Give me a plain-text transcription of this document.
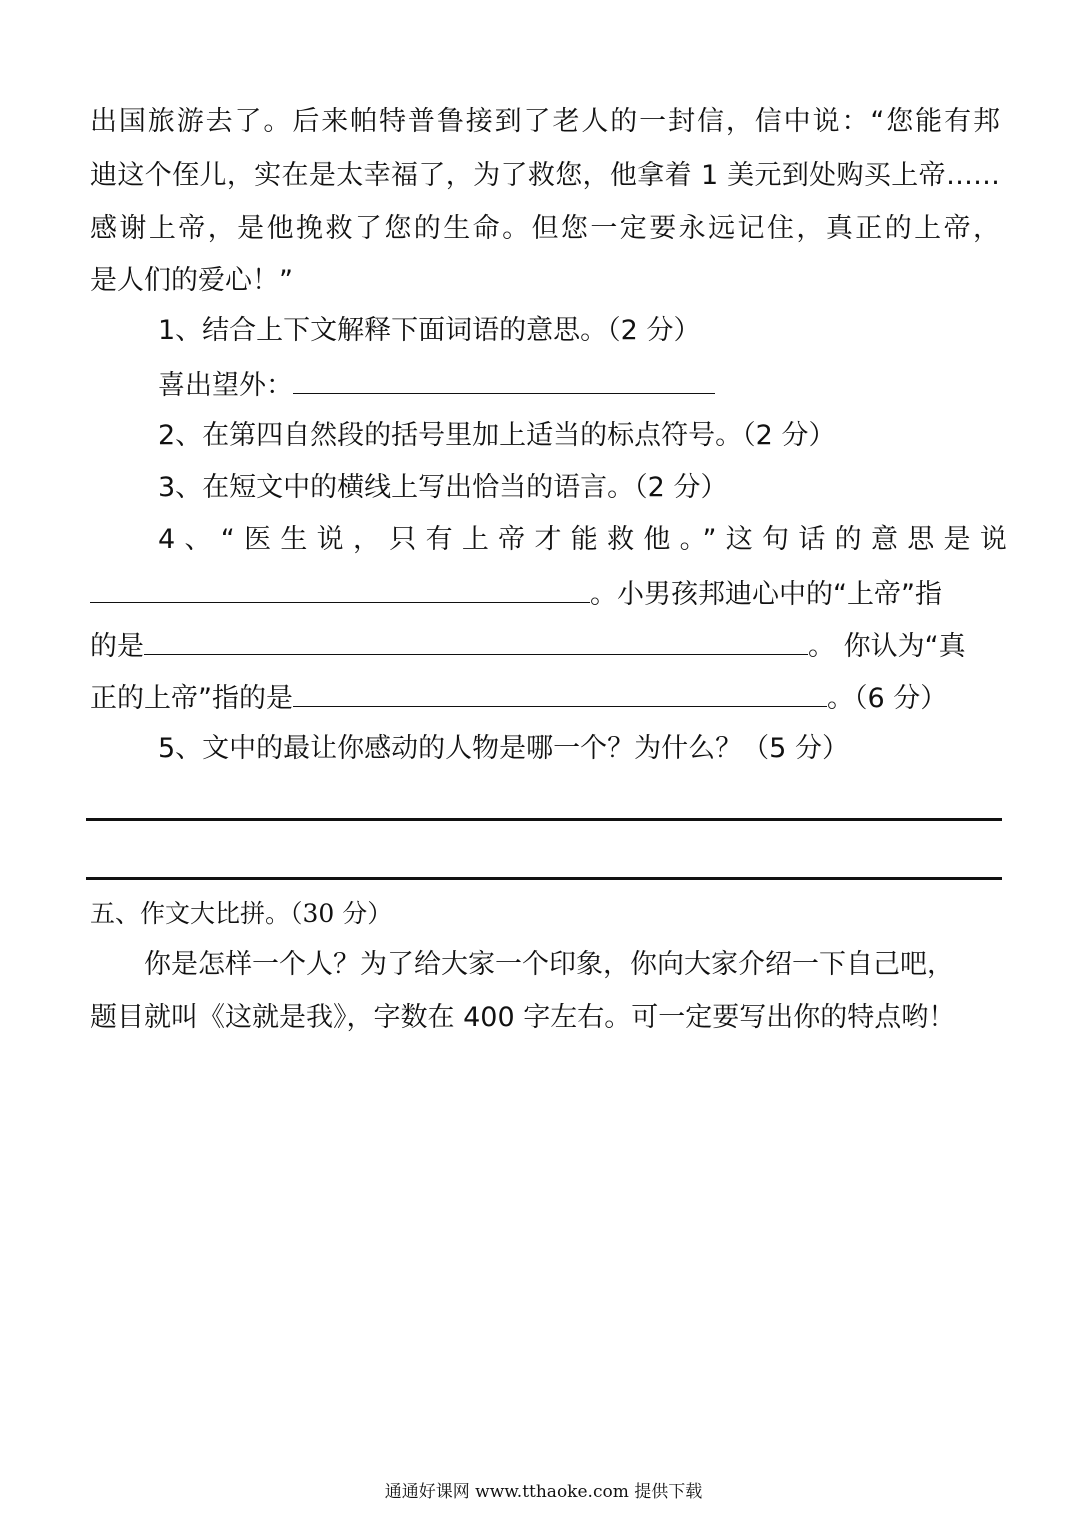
出国旅游去了。后来帕特普鲁接到了老人的一封信，信中说：“您能有邦
迪这个侄儿，实在是太幸福了，为了救您，他拿着 1 美元到处购买上帝……
感谢上帝，是他挽救了您的生命。但您一定要永远记住，真正的上帝，
是人们的爱心！”
1、结合上下文解释下面词语的意思。（2 分）
喜出望外：
2、在第四自然段的括号里加上适当的标点符号。（2 分）
3、在短文中的横线上写出恰当的语言。（2 分）
4、“医生说，只有上帝才能救他。”这句话的意思是说
。小男孩邦迪心中的“上帝”指
的是	。 你认为“真
正的上帝”指的是	。（6 分）
5、文中的最让你感动的人物是哪一个？为什么？（5 分）
五、作文大比拼。（30 分）
你是怎样一个人？为了给大家一个印象，你向大家介绍一下自己吧，
题目就叫《这就是我》，字数在 400 字左右。可一定要写出你的特点哟！
通通好课网 www.tthaoke.com 提供下载
